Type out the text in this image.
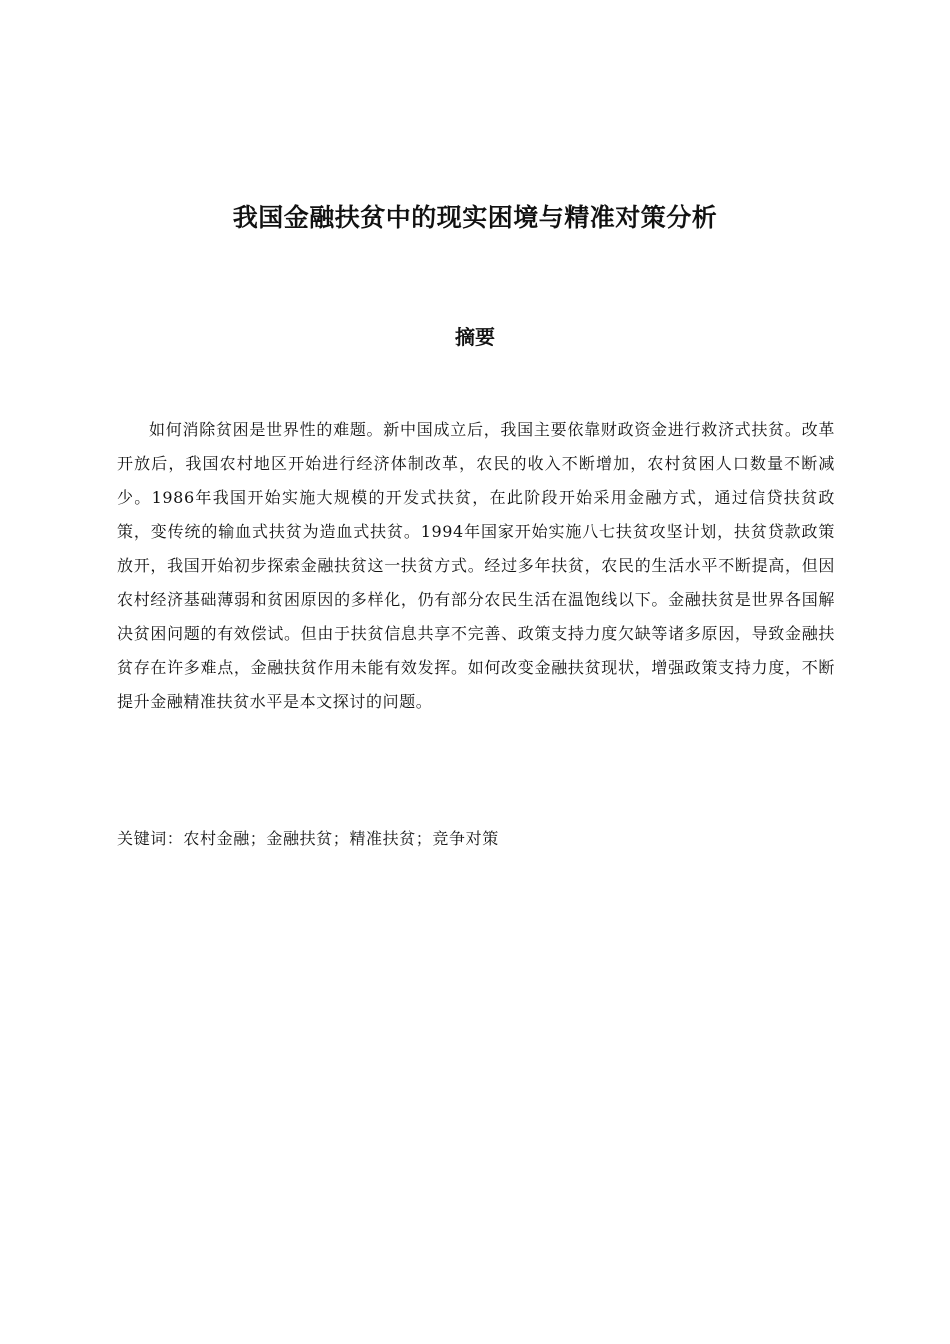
我国金融扶贫中的现实困境与精准对策分析
摘要

如何消除贫困是世界性的难题。新中国成立后，我国主要依靠财政资金进行救济式扶贫。改革开放后，我国农村地区开始进行经济体制改革，农民的收入不断增加，农村贫困人口数量不断减少。1986年我国开始实施大规模的开发式扶贫，在此阶段开始采用金融方式，通过信贷扶贫政策，变传统的输血式扶贫为造血式扶贫。1994年国家开始实施八七扶贫攻坚计划，扶贫贷款政策放开，我国开始初步探索金融扶贫这一扶贫方式。经过多年扶贫，农民的生活水平不断提高，但因农村经济基础薄弱和贫困原因的多样化，仍有部分农民生活在温饱线以下。金融扶贫是世界各国解决贫困问题的有效偿试。但由于扶贫信息共享不完善、政策支持力度欠缺等诸多原因，导致金融扶贫存在许多难点，金融扶贫作用未能有效发挥。如何改变金融扶贫现状，增强政策支持力度，不断提升金融精准扶贫水平是本文探讨的问题。

关键词：农村金融；金融扶贫；精准扶贫；竞争对策
